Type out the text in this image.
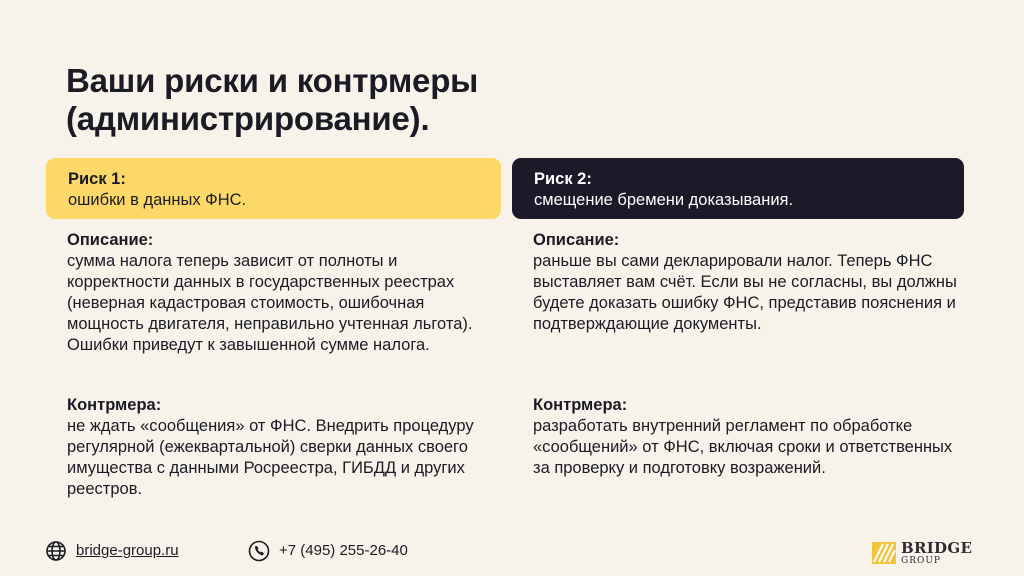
Ваши риски и контрмеры (администрирование).
Риск 1:
ошибки в данных ФНС.
Риск 2:
смещение бремени доказывания.
Описание:
сумма налога теперь зависит от полноты и корректности данных в государственных реестрах (неверная кадастровая стоимость, ошибочная мощность двигателя, неправильно учтенная льгота). Ошибки приведут к завышенной сумме налога.
Описание:
раньше вы сами декларировали налог. Теперь ФНС выставляет вам счёт. Если вы не согласны, вы должны будете доказать ошибку ФНС, представив пояснения и подтверждающие документы.
Контрмера:
не ждать «сообщения» от ФНС. Внедрить процедуру регулярной (ежеквартальной) сверки данных своего имущества с данными Росреестра, ГИБДД и других реестров.
Контрмера:
разработать внутренний регламент по обработке «сообщений» от ФНС, включая сроки и ответственных за проверку и подготовку возражений.
bridge-group.ru	+7 (495) 255-26-40	BRIDGE
GROUP
